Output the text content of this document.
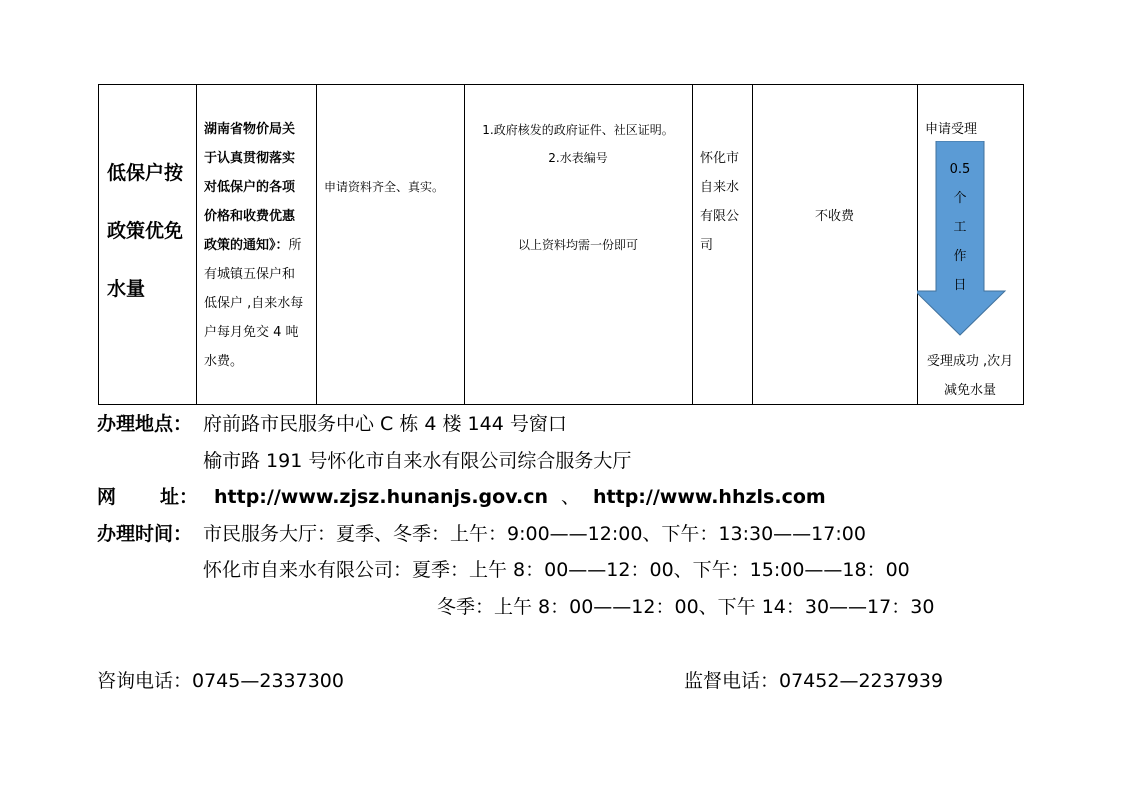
低保户按
政策优免
水量
湖南省物价局关
于认真贯彻落实
对低保户的各项
价格和收费优惠
政策的通知》：所
有城镇五保户和
低保户 ,自来水每
户每月免交 4 吨
水费。
申请资料齐全、真实。
1.政府核发的政府证件、社区证明。
2.水表编号
以上资料均需一份即可
怀化市
自来水
有限公
司
不收费
申请受理
0.5
个
工
作
日
受理成功 ,次月
减免水量
办理地点： 府前路市民服务中心 C 栋 4 楼 144 号窗口
榆市路 191 号怀化市自来水有限公司综合服务大厅
网 址： http://www.zjsz.hunanjs.gov.cn 、 http://www.hhzls.com
办理时间： 市民服务大厅：夏季、冬季：上午：9:00——12:00、下午：13:30——17:00
怀化市自来水有限公司：夏季：上午 8：00——12：00、下午：15:00——18：00
冬季：上午 8：00——12：00、下午 14：30——17：30
咨询电话：0745—2337300	监督电话：07452—2237939
